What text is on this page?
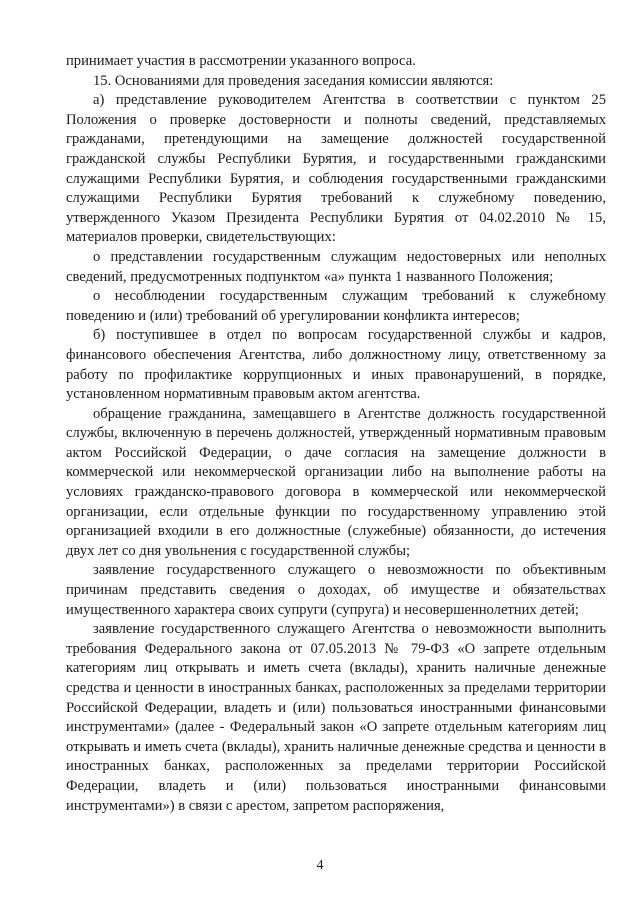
принимает участия в рассмотрении указанного вопроса.

15. Основаниями для проведения заседания комиссии являются:

а) представление руководителем Агентства в соответствии с пунктом 25 Положения о проверке достоверности и полноты сведений, представляемых гражданами, претендующими на замещение должностей государственной гражданской службы Республики Бурятия, и государственными гражданскими служащими Республики Бурятия, и соблюдения государственными гражданскими служащими Республики Бурятия требований к служебному поведению, утвержденного Указом Президента Республики Бурятия от 04.02.2010 № 15, материалов проверки, свидетельствующих:

о представлении государственным служащим недостоверных или неполных сведений, предусмотренных подпунктом «а» пункта 1 названного Положения;

о несоблюдении государственным служащим требований к служебному поведению и (или) требований об урегулировании конфликта интересов;

б) поступившее в отдел по вопросам государственной службы и кадров, финансового обеспечения Агентства, либо должностному лицу, ответственному за работу по профилактике коррупционных и иных правонарушений, в порядке, установленном нормативным правовым актом агентства.

обращение гражданина, замещавшего в Агентстве должность государственной службы, включенную в перечень должностей, утвержденный нормативным правовым актом Российской Федерации, о даче согласия на замещение должности в коммерческой или некоммерческой организации либо на выполнение работы на условиях гражданско-правового договора в коммерческой или некоммерческой организации, если отдельные функции по государственному управлению этой организацией входили в его должностные (служебные) обязанности, до истечения двух лет со дня увольнения с государственной службы;

заявление государственного служащего о невозможности по объективным причинам представить сведения о доходах, об имуществе и обязательствах имущественного характера своих супруги (супруга) и несовершеннолетних детей;

заявление государственного служащего Агентства о невозможности выполнить требования Федерального закона от 07.05.2013 № 79-ФЗ «О запрете отдельным категориям лиц открывать и иметь счета (вклады), хранить наличные денежные средства и ценности в иностранных банках, расположенных за пределами территории Российской Федерации, владеть и (или) пользоваться иностранными финансовыми инструментами» (далее - Федеральный закон «О запрете отдельным категориям лиц открывать и иметь счета (вклады), хранить наличные денежные средства и ценности в иностранных банках, расположенных за пределами территории Российской Федерации, владеть и (или) пользоваться иностранными финансовыми инструментами») в связи с арестом, запретом распоряжения,

4
